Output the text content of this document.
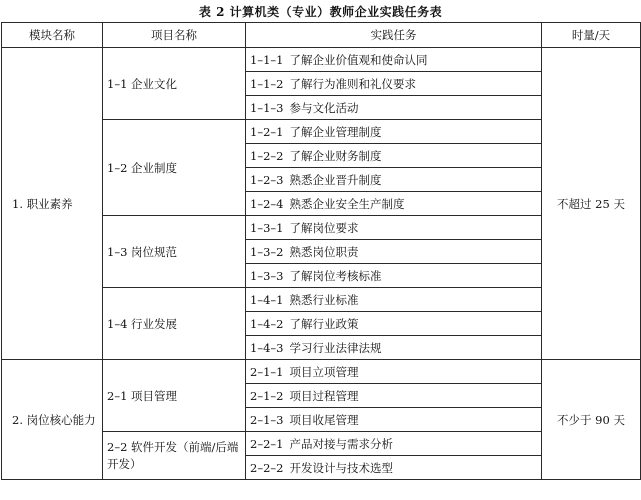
表 2 计算机类（专业）教师企业实践任务表
模块名称	项目名称	实践任务	时量/天
1. 职业素养	1–1 企业文化	1–1–1 了解企业价值观和使命认同	不超过 25 天
		1–1–2 了解行为准则和礼仪要求	
		1–1–3 参与文化活动	
	1–2 企业制度	1–2–1 了解企业管理制度	
		1–2–2 了解企业财务制度	
		1–2–3 熟悉企业晋升制度	
		1–2–4 熟悉企业安全生产制度	
	1–3 岗位规范	1–3–1 了解岗位要求	
		1–3–2 熟悉岗位职责	
		1–3–3 了解岗位考核标准	
	1–4 行业发展	1–4–1 熟悉行业标准	
		1–4–2 了解行业政策	
		1–4–3 学习行业法律法规	
2. 岗位核心能力	2–1 项目管理	2–1–1 项目立项管理	不少于 90 天
		2–1–2 项目过程管理	
		2–1–3 项目收尾管理	
	2–2 软件开发（前端/后端开发）	2–2–1 产品对接与需求分析	
		2–2–2 开发设计与技术选型	
